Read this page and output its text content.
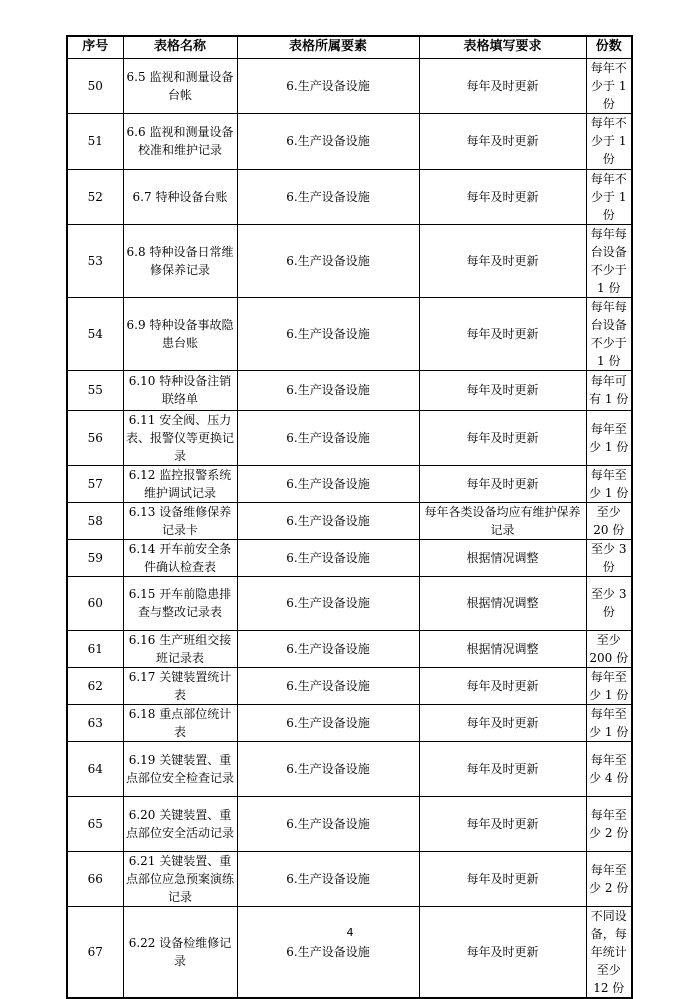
序号	表格名称	表格所属要素	表格填写要求	份数
50	6.5 监视和测量设备台帐	6.生产设备设施	每年及时更新	每年不少于 1 份
51	6.6 监视和测量设备校准和维护记录	6.生产设备设施	每年及时更新	每年不少于 1 份
52	6.7 特种设备台账	6.生产设备设施	每年及时更新	每年不少于 1 份
53	6.8 特种设备日常维修保养记录	6.生产设备设施	每年及时更新	每年每台设备不少于 1 份
54	6.9 特种设备事故隐患台账	6.生产设备设施	每年及时更新	每年每台设备不少于 1 份
55	6.10 特种设备注销联络单	6.生产设备设施	每年及时更新	每年可有 1 份
56	6.11 安全阀、压力表、报警仪等更换记录	6.生产设备设施	每年及时更新	每年至少 1 份
57	6.12 监控报警系统维护调试记录	6.生产设备设施	每年及时更新	每年至少 1 份
58	6.13 设备维修保养记录卡	6.生产设备设施	每年各类设备均应有维护保养记录	至少 20 份
59	6.14 开车前安全条件确认检查表	6.生产设备设施	根据情况调整	至少 3 份
60	6.15 开车前隐患排查与整改记录表	6.生产设备设施	根据情况调整	至少 3 份
61	6.16 生产班组交接班记录表	6.生产设备设施	根据情况调整	至少 200 份
62	6.17 关键装置统计表	6.生产设备设施	每年及时更新	每年至少 1 份
63	6.18 重点部位统计表	6.生产设备设施	每年及时更新	每年至少 1 份
64	6.19 关键装置、重点部位安全检查记录	6.生产设备设施	每年及时更新	每年至少 4 份
65	6.20 关键装置、重点部位安全活动记录	6.生产设备设施	每年及时更新	每年至少 2 份
66	6.21 关键装置、重点部位应急预案演练记录	6.生产设备设施	每年及时更新	每年至少 2 份
67	6.22 设备检维修记录	6.生产设备设施	每年及时更新	不同设备，每年统计至少 12 份
4
